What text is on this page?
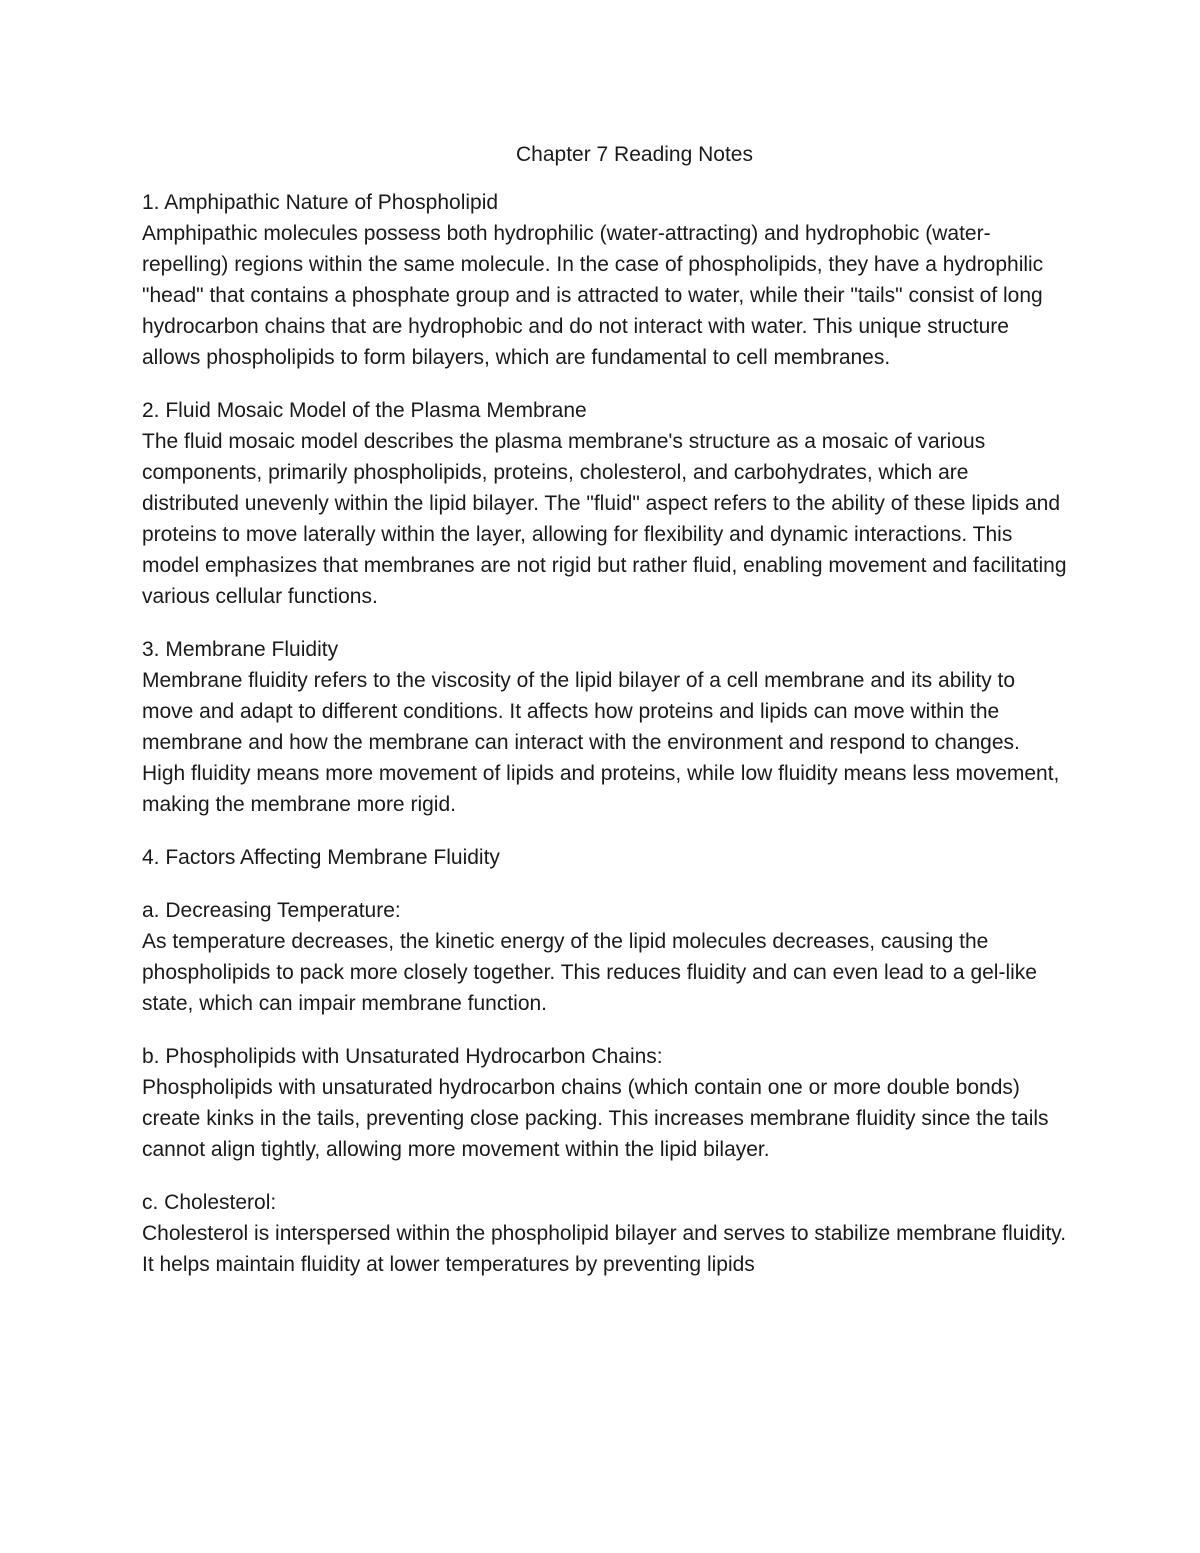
Chapter 7 Reading Notes
1. Amphipathic Nature of Phospholipid

Amphipathic molecules possess both hydrophilic (water-attracting) and hydrophobic (water-repelling) regions within the same molecule. In the case of phospholipids, they have a hydrophilic "head" that contains a phosphate group and is attracted to water, while their "tails" consist of long hydrocarbon chains that are hydrophobic and do not interact with water. This unique structure allows phospholipids to form bilayers, which are fundamental to cell membranes.

2. Fluid Mosaic Model of the Plasma Membrane

The fluid mosaic model describes the plasma membrane's structure as a mosaic of various components, primarily phospholipids, proteins, cholesterol, and carbohydrates, which are distributed unevenly within the lipid bilayer. The "fluid" aspect refers to the ability of these lipids and proteins to move laterally within the layer, allowing for flexibility and dynamic interactions. This model emphasizes that membranes are not rigid but rather fluid, enabling movement and facilitating various cellular functions.

3. Membrane Fluidity

Membrane fluidity refers to the viscosity of the lipid bilayer of a cell membrane and its ability to move and adapt to different conditions. It affects how proteins and lipids can move within the membrane and how the membrane can interact with the environment and respond to changes. High fluidity means more movement of lipids and proteins, while low fluidity means less movement, making the membrane more rigid.

4. Factors Affecting Membrane Fluidity
a. Decreasing Temperature:

As temperature decreases, the kinetic energy of the lipid molecules decreases, causing the phospholipids to pack more closely together. This reduces fluidity and can even lead to a gel-like state, which can impair membrane function.

b. Phospholipids with Unsaturated Hydrocarbon Chains:

Phospholipids with unsaturated hydrocarbon chains (which contain one or more double bonds) create kinks in the tails, preventing close packing. This increases membrane fluidity since the tails cannot align tightly, allowing more movement within the lipid bilayer.

c. Cholesterol:

Cholesterol is interspersed within the phospholipid bilayer and serves to stabilize membrane fluidity. It helps maintain fluidity at lower temperatures by preventing lipids
